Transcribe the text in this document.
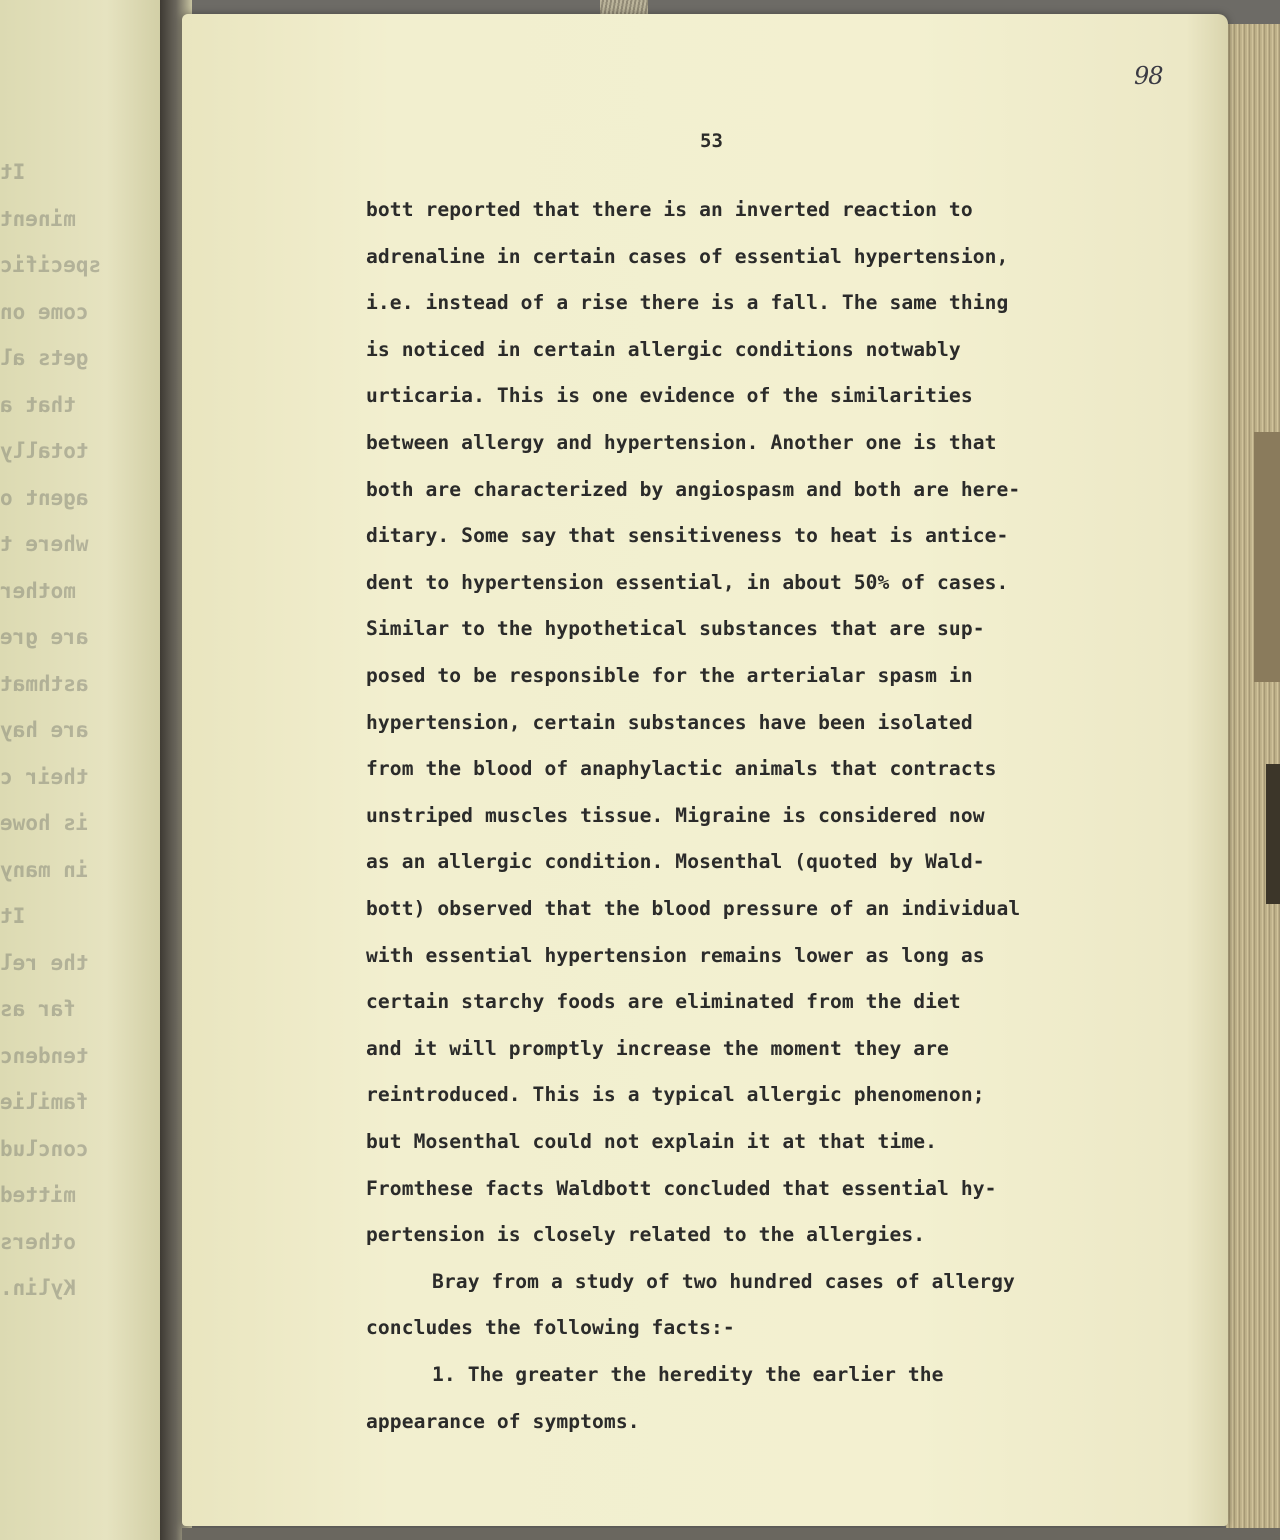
It
minent
specific
come on
gets al
that a
totally
agent o
where t
mother
are gre
asthmat
are hay
their c
is howe
in many
It
the rel
far as
tendenc
familie
conclud
mitted
others
Kylin.
98
53
bott reported that there is an inverted reaction to
adrenaline in certain cases of essential hypertension,
i.e. instead of a rise there is a fall. The same thing
is noticed in certain allergic conditions notwably
urticaria. This is one evidence of the similarities
between allergy and hypertension. Another one is that
both are characterized by angiospasm and both are here-
ditary. Some say that sensitiveness to heat is antice-
dent to hypertension essential, in about 50% of cases.
Similar to the hypothetical substances that are sup-
posed to be responsible for the arterialar spasm in
hypertension, certain substances have been isolated
from the blood of anaphylactic animals that contracts
unstriped muscles tissue. Migraine is considered now
as an allergic condition. Mosenthal (quoted by Wald-
bott) observed that the blood pressure of an individual
with essential hypertension remains lower as long as
certain starchy foods are eliminated from the diet
and it will promptly increase the moment they are
reintroduced. This is a typical allergic phenomenon;
but Mosenthal could not explain it at that time.
Fromthese facts Waldbott concluded that essential hy-
pertension is closely related to the allergies.
Bray from a study of two hundred cases of allergy
concludes the following facts:-
1. The greater the heredity the earlier the
appearance of symptoms.
